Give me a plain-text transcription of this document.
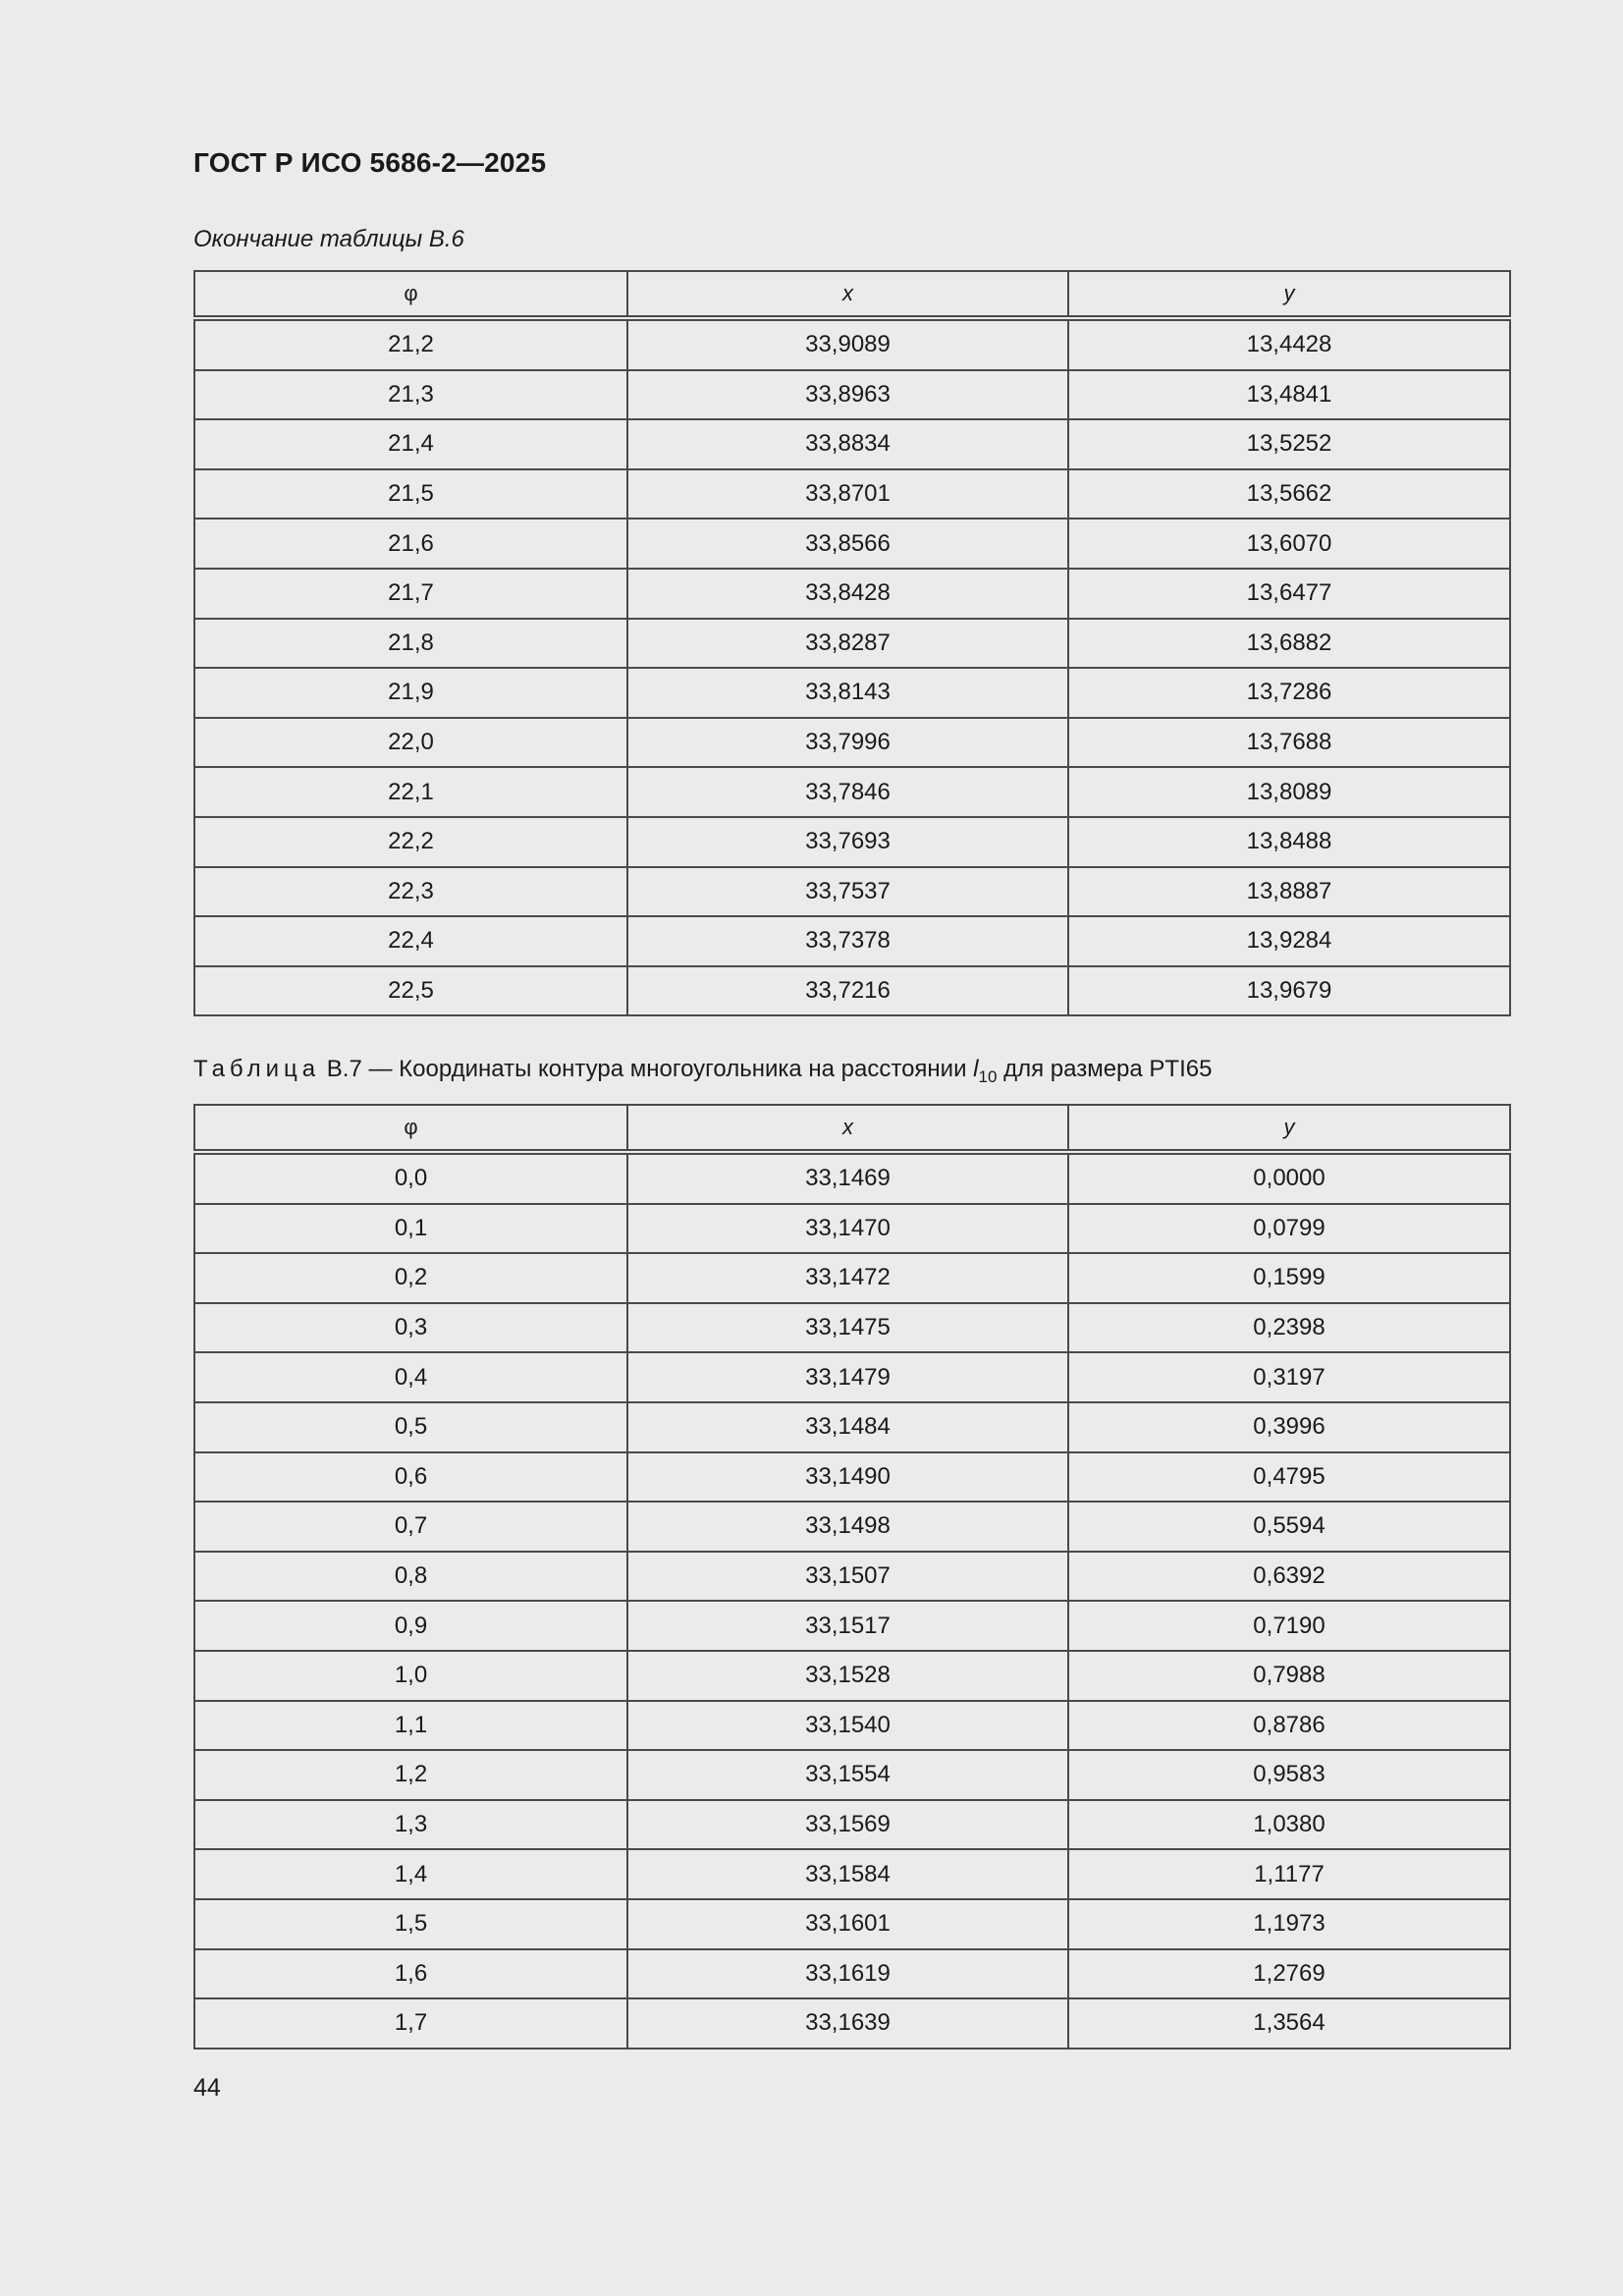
ГОСТ Р ИСО 5686-2—2025
Окончание таблицы В.6
φ	x	y
21,2	33,9089	13,4428
21,3	33,8963	13,4841
21,4	33,8834	13,5252
21,5	33,8701	13,5662
21,6	33,8566	13,6070
21,7	33,8428	13,6477
21,8	33,8287	13,6882
21,9	33,8143	13,7286
22,0	33,7996	13,7688
22,1	33,7846	13,8089
22,2	33,7693	13,8488
22,3	33,7537	13,8887
22,4	33,7378	13,9284
22,5	33,7216	13,9679
Таблица В.7 — Координаты контура многоугольника на расстоянии $l_{10}$ для размера PTI65
φ	x	y
0,0	33,1469	0,0000
0,1	33,1470	0,0799
0,2	33,1472	0,1599
0,3	33,1475	0,2398
0,4	33,1479	0,3197
0,5	33,1484	0,3996
0,6	33,1490	0,4795
0,7	33,1498	0,5594
0,8	33,1507	0,6392
0,9	33,1517	0,7190
1,0	33,1528	0,7988
1,1	33,1540	0,8786
1,2	33,1554	0,9583
1,3	33,1569	1,0380
1,4	33,1584	1,1177
1,5	33,1601	1,1973
1,6	33,1619	1,2769
1,7	33,1639	1,3564
44
